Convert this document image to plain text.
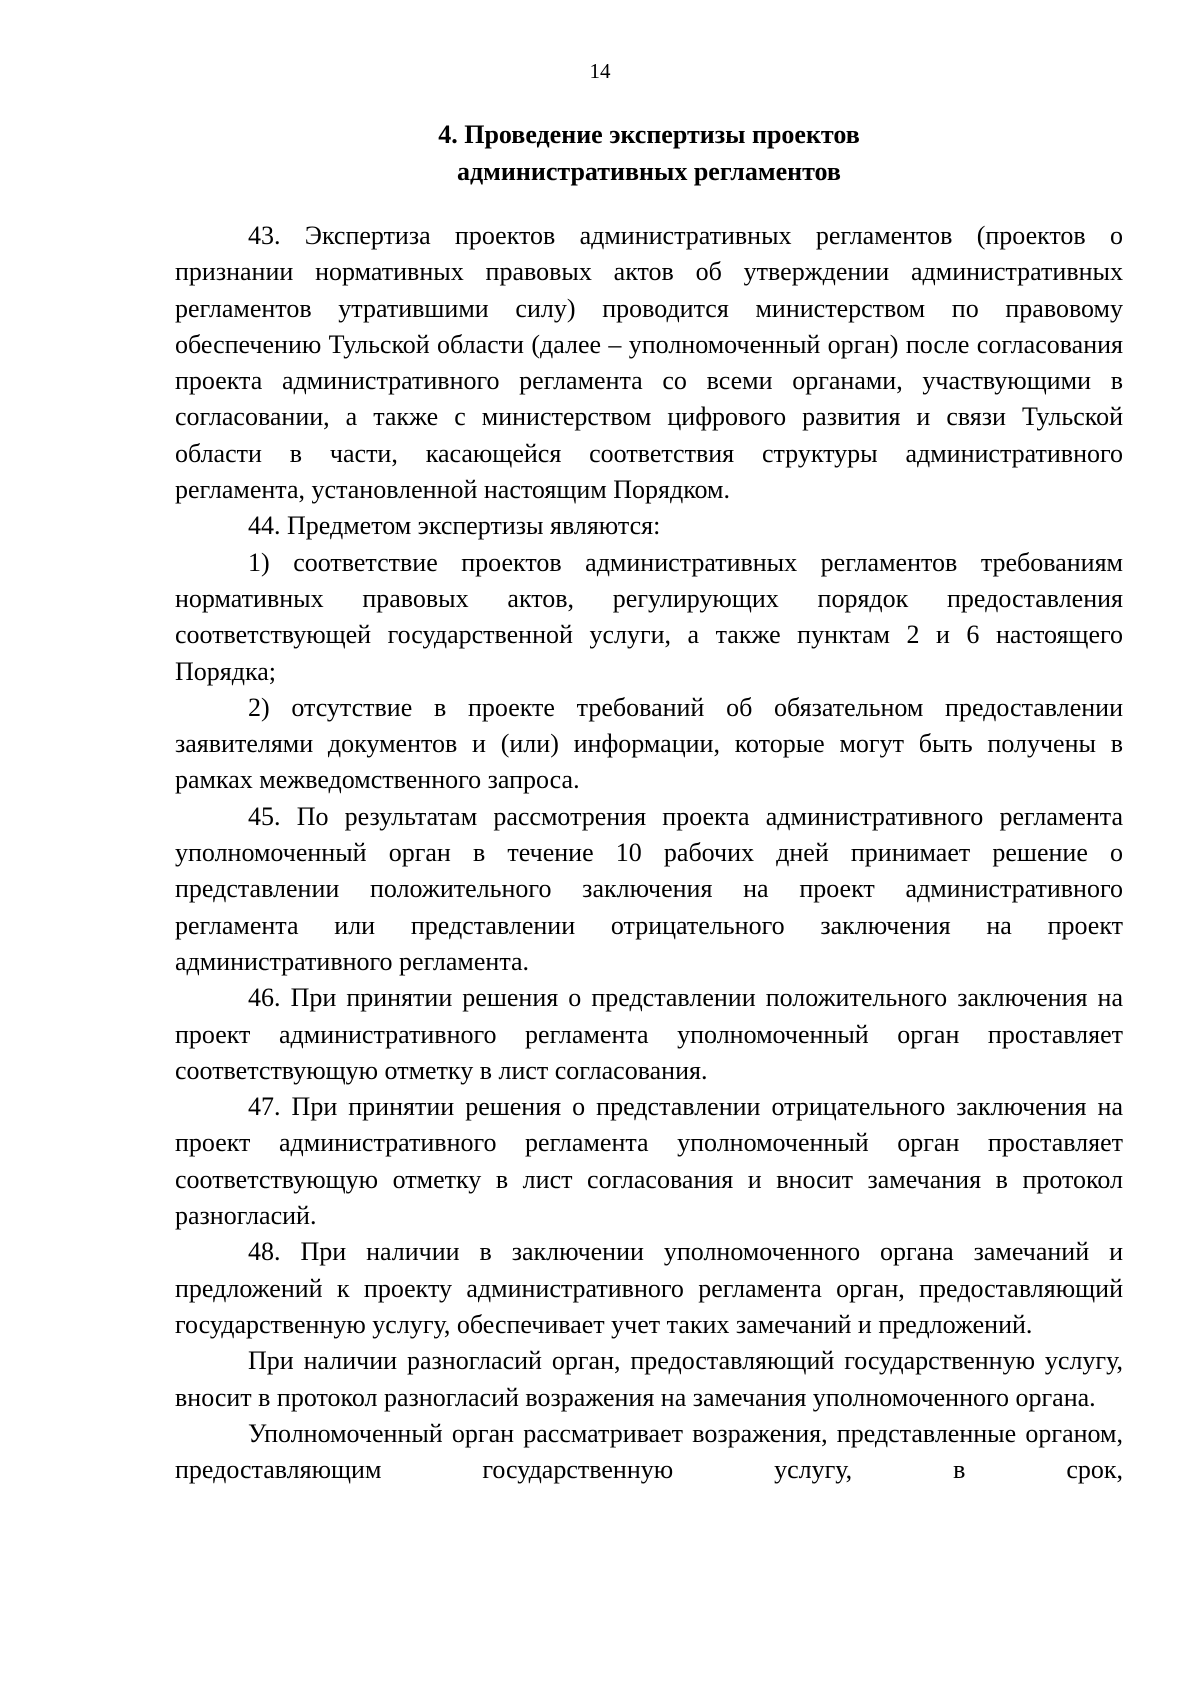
14
4. Проведение экспертизы проектов
административных регламентов

43. Экспертиза проектов административных регламентов (проектов о признании нормативных правовых актов об утверждении административных регламентов утратившими силу) проводится министерством по правовому обеспечению Тульской области (далее – уполномоченный орган) после согласования проекта административного регламента со всеми органами, участвующими в согласовании, а также с министерством цифрового развития и связи Тульской области в части, касающейся соответствия структуры административного регламента, установленной настоящим Порядком.

44. Предметом экспертизы являются:

1) соответствие проектов административных регламентов требованиям нормативных правовых актов, регулирующих порядок предоставления соответствующей государственной услуги, а также пунктам 2 и 6 настоящего Порядка;

2) отсутствие в проекте требований об обязательном предоставлении заявителями документов и (или) информации, которые могут быть получены в рамках межведомственного запроса.

45. По результатам рассмотрения проекта административного регламента уполномоченный орган в течение 10 рабочих дней принимает решение о представлении положительного заключения на проект административного регламента или представлении отрицательного заключения на проект административного регламента.

46. При принятии решения о представлении положительного заключения на проект административного регламента уполномоченный орган проставляет соответствующую отметку в лист согласования.

47. При принятии решения о представлении отрицательного заключения на проект административного регламента уполномоченный орган проставляет соответствующую отметку в лист согласования и вносит замечания в протокол разногласий.

48. При наличии в заключении уполномоченного органа замечаний и предложений к проекту административного регламента орган, предоставляющий государственную услугу, обеспечивает учет таких замечаний и предложений.

При наличии разногласий орган, предоставляющий государственную услугу, вносит в протокол разногласий возражения на замечания уполномоченного органа.

Уполномоченный орган рассматривает возражения, представленные органом, предоставляющим государственную услугу, в срок,
